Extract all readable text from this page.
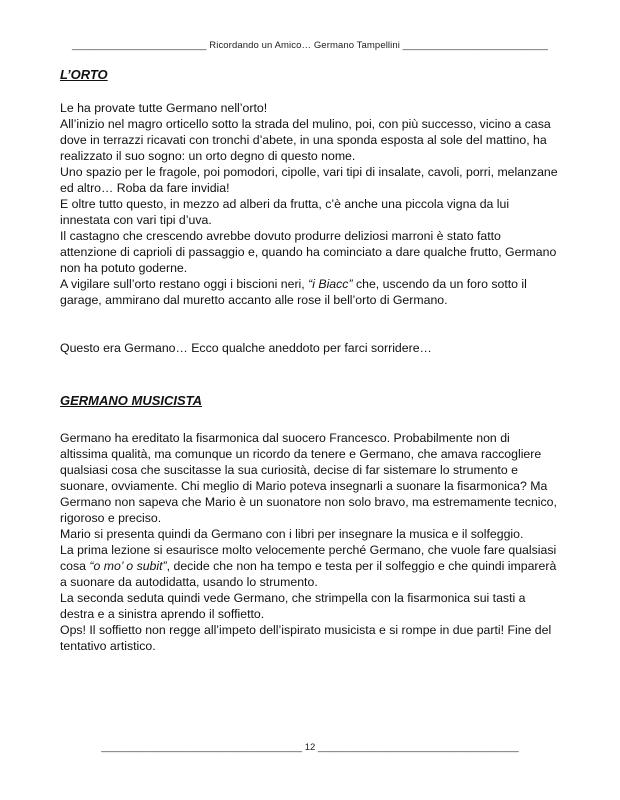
_________________________ Ricordando un Amico… Germano Tampellini ___________________________
L’ORTO

Le ha provate tutte Germano nell’orto!

All’inizio nel magro orticello sotto la strada del mulino, poi, con più successo, vicino a casa dove in terrazzi ricavati con tronchi d’abete, in una sponda esposta al sole del mattino, ha realizzato il suo sogno: un orto degno di questo nome.

Uno spazio per le fragole, poi pomodori, cipolle, vari tipi di insalate, cavoli, porri, melanzane ed altro… Roba da fare invidia!

E oltre tutto questo, in mezzo ad alberi da frutta, c’è anche una piccola vigna da lui innestata con vari tipi d’uva.

Il castagno che crescendo avrebbe dovuto produrre deliziosi marroni è stato fatto attenzione di caprioli di passaggio e, quando ha cominciato a dare qualche frutto, Germano non ha potuto goderne.

A vigilare sull’orto restano oggi i biscioni neri, “i Biacc” che, uscendo da un foro sotto il garage, ammirano dal muretto accanto alle rose il bell’orto di Germano.

Questo era Germano… Ecco qualche aneddoto per farci sorridere…

GERMANO MUSICISTA

Germano ha ereditato la fisarmonica dal suocero Francesco. Probabilmente non di altissima qualità, ma comunque un ricordo da tenere e Germano, che amava raccogliere qualsiasi cosa che suscitasse la sua curiosità, decise di far sistemare lo strumento e suonare, ovviamente. Chi meglio di Mario poteva insegnarli a suonare la fisarmonica? Ma Germano non sapeva che Mario è un suonatore non solo bravo, ma estremamente tecnico, rigoroso e preciso.

Mario si presenta quindi da Germano con i libri per insegnare la musica e il solfeggio.

La prima lezione si esaurisce molto velocemente perché Germano, che vuole fare qualsiasi cosa “o mo’ o subit”, decide che non ha tempo e testa per il solfeggio e che quindi imparerà a suonare da autodidatta, usando lo strumento.

La seconda seduta quindi vede Germano, che strimpella con la fisarmonica sui tasti a destra e a sinistra aprendo il soffietto.

Ops! Il soffietto non regge all’impeto dell’ispirato musicista e si rompe in due parti! Fine del tentativo artistico.

______________________________________ 12 ______________________________________
